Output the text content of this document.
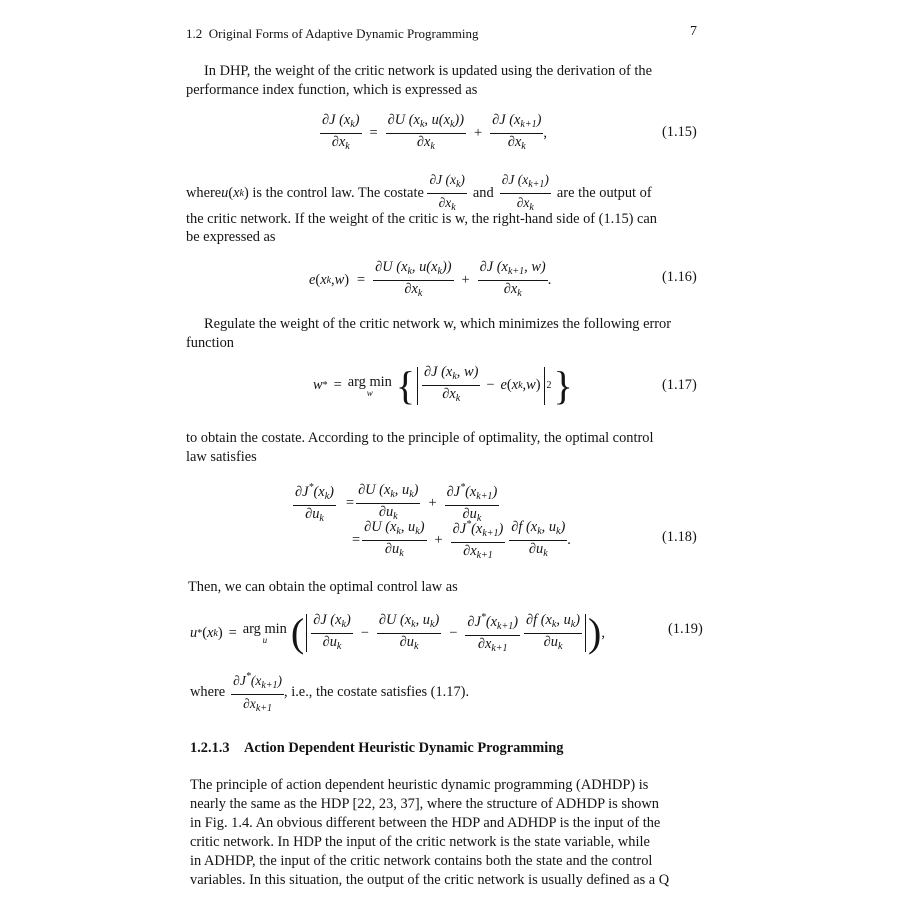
1.2 Original Forms of Adaptive Dynamic Programming	7
In DHP, the weight of the critic network is updated using the derivation of the
performance index function, which is expressed as
$\frac{\partial J (x_k)}{\partial x_k} = \frac{\partial U (x_k, u(x_k))}{\partial x_k} + \frac{\partial J (x_{k+1})}{\partial x_k}$ ,	(1.15)
where u ( x k ) is the control law. The costate
∂J $(x_k)$
$\partial x_k$
and
∂J $(x_{k+1})$
$\partial x_k$
are the output of
the critic network. If the weight of the critic is w, the right-hand side of (1.15) can
be expressed as
e ( x k , w ) = $\frac{\partial U (x_k, u(x_k))}{\partial x_k} + \frac{\partial J (x_{k+1}, w)}{\partial x_k}$ .	(1.16)
Regulate the weight of the critic network w, which minimizes the following error
function
w * = arg min
w { ∂J ($x_k$, w)
$\partial x_k$
− e ( x k , w ) 2 }	(1.17)
to obtain the costate. According to the principle of optimality, the optimal control
law satisfies
$\frac{\partial J^*(x_k)}{\partial u_k} = \frac{\partial U (x_k, u_k)}{\partial u_k} + \frac{\partial J^*(x_{k+1})}{\partial u_k}$
= $\frac{\partial U (x_k, u_k)}{\partial u_k} + \frac{\partial J^*(x_{k+1})}{\partial x_{k+1}} \partial f$ ($x_k$, $u_k$)
$\partial u_k$
.	(1.18)
Then, we can obtain the optimal control law as
u * ( x k ) = arg min
u ( ∂J $(x_k)$
$\partial u_k$
− $\frac{\partial U (x_k, u_k)}{\partial u_k} - \frac{\partial J^*(x_{k+1})}{\partial x_{k+1}} \partial f$ ($x_k$, $u_k$)
$\partial u_k$ ) ,	(1.19)
where
$\partial J^*(x_{k+1})$
$\partial x_{k+1}$
, i.e., the costate satisfies (1.17).
1.2.1.3 Action Dependent Heuristic Dynamic Programming
The principle of action dependent heuristic dynamic programming (ADHDP) is
nearly the same as the HDP [22, 23, 37], where the structure of ADHDP is shown
in Fig. 1.4. An obvious different between the HDP and ADHDP is the input of the
critic network. In HDP the input of the critic network is the state variable, while
in ADHDP, the input of the critic network contains both the state and the control
variables. In this situation, the output of the critic network is usually defined as a Q
